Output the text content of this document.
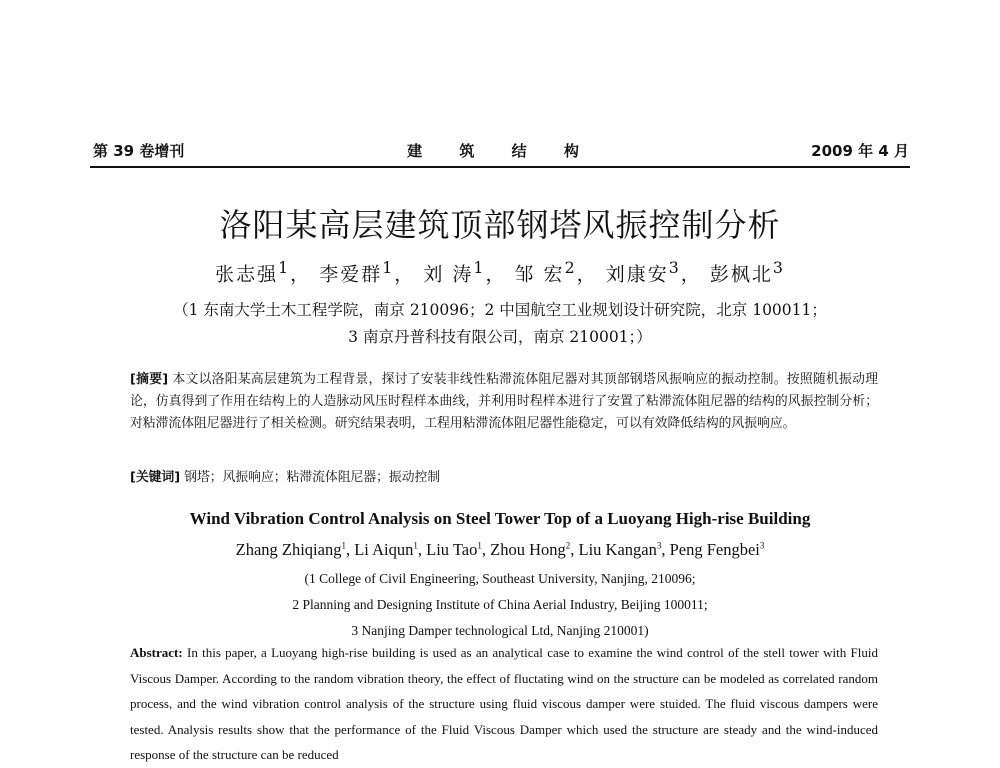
第 39 卷增刊	建 筑 结 构	2009 年 4 月
洛阳某高层建筑顶部钢塔风振控制分析
张志强$^1$， 李爱群$^1$， 刘 涛$^1$， 邹 宏$^2$， 刘康安$^3$， 彭枫北$^3$
（1 东南大学土木工程学院，南京 210096；2 中国航空工业规划设计研究院，北京 100011；
3 南京丹普科技有限公司，南京 210001；）
[摘要] 本文以洛阳某高层建筑为工程背景，探讨了安装非线性粘滞流体阻尼器对其顶部钢塔风振响应的振动控制。按照随机振动理论，仿真得到了作用在结构上的人造脉动风压时程样本曲线，并利用时程样本进行了安置了粘滞流体阻尼器的结构的风振控制分析；对粘滞流体阻尼器进行了相关检测。研究结果表明，工程用粘滞流体阻尼器性能稳定，可以有效降低结构的风振响应。
[关键词] 钢塔；风振响应；粘滞流体阻尼器；振动控制
Wind Vibration Control Analysis on Steel Tower Top of a Luoyang High-rise Building
Zhang Zhiqiang$^1$, Li Aiqun$^1$, Liu Tao$^1$, Zhou Hong$^2$, Liu Kangan$^3$, Peng Fengbei$^3$
(1 College of Civil Engineering, Southeast University, Nanjing, 210096;
2 Planning and Designing Institute of China Aerial Industry, Beijing 100011;
3 Nanjing Damper technological Ltd, Nanjing 210001)
Abstract: In this paper, a Luoyang high-rise building is used as an analytical case to examine the wind control of the stell tower with Fluid Viscous Damper. According to the random vibration theory, the effect of fluctating wind on the structure can be modeled as correlated random process, and the wind vibration control analysis of the structure using fluid viscous damper were stuided. The fluid viscous dampers were tested. Analysis results show that the performance of the Fluid Viscous Damper which used the structure are steady and the wind-induced response of the structure can be reduced
